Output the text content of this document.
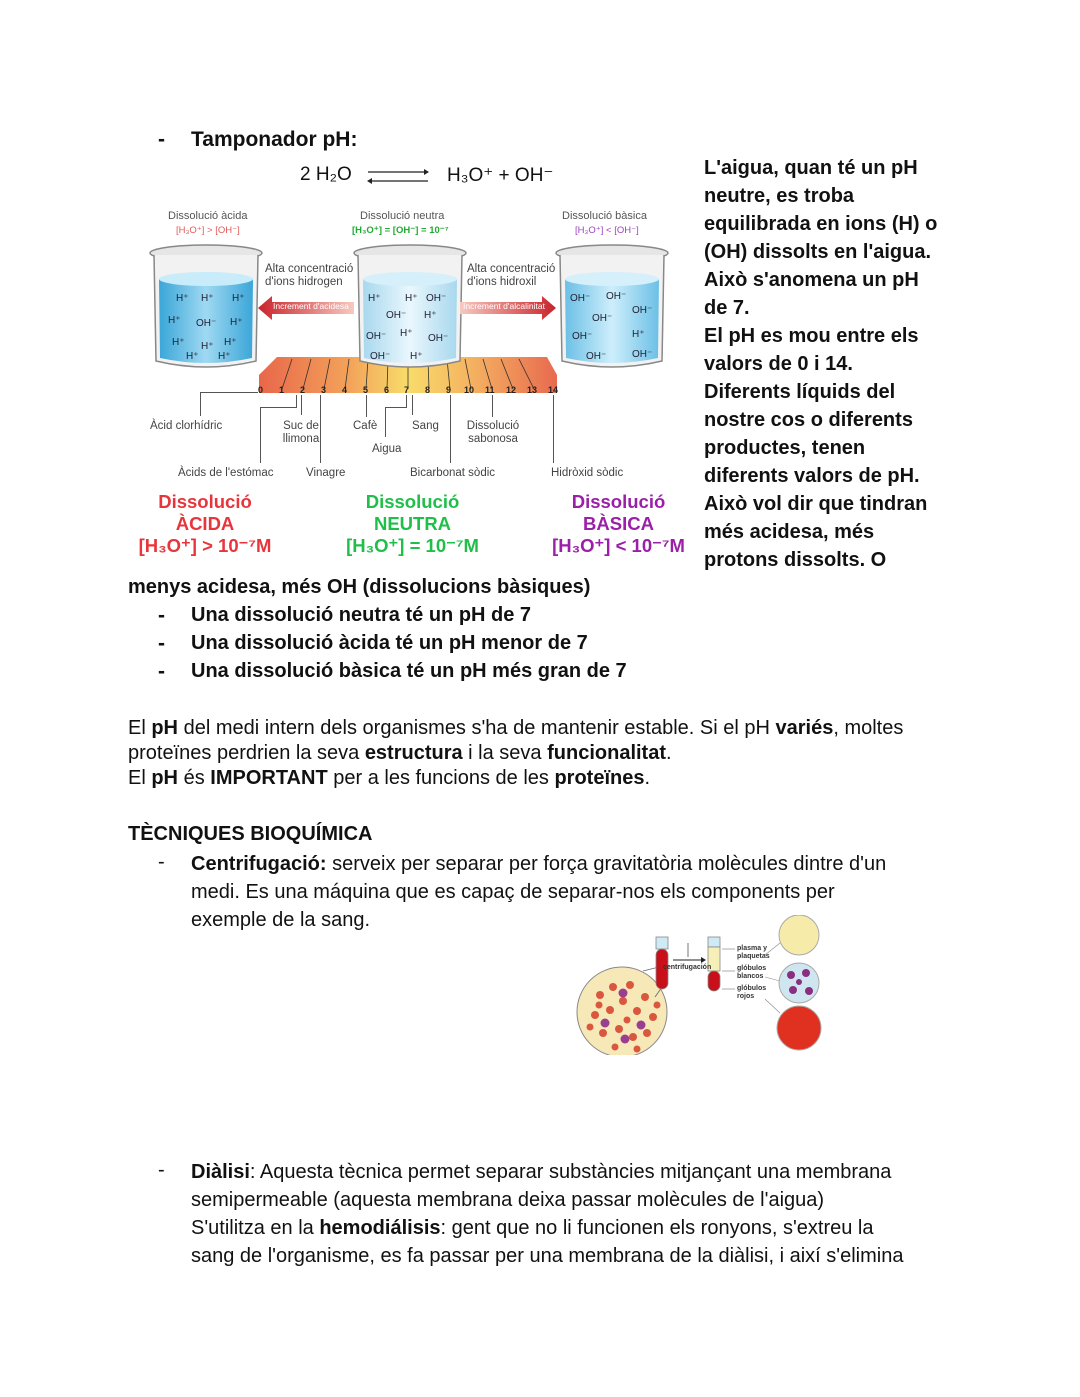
- Tamponador pH:
2 H₂O ⇌ H₃O⁺ + OH⁻
Dissolució àcida
[H₃O⁺] > [OH⁻]
Dissolució neutra
[H₃O⁺] = [OH⁻] = 10⁻⁷
Dissolució bàsica
[H₃O⁺] < [OH⁻]
0 1 2 3 4 5 6 7 8 9 10 11 12 13 14
H⁺ H⁺ H⁺
H⁺ OH⁻ H⁺
H⁺ H⁺ H⁺
H⁺ H⁺
H⁺ H⁺ OH⁻
OH⁻ H⁺
OH⁻ H⁺ OH⁻
OH⁻ H⁺
OH⁻ OH⁻
OH⁻
OH⁻
OH⁻	H⁺
OH⁻	OH⁻
Alta concentració
d'ions hidrogen
Increment d'acidesa
Alta concentració
d'ions hidroxil
Increment d'alcalinitat
Àcid clorhídric	Suc de llimona
Cafè
Aigua
Sang	Dissolució sabonosa
Àcids de l'estómac	Vinagre	Bicarbonat sòdic	Hidròxid sòdic
Dissolució
ÀCIDA
[H₃O⁺] > 10⁻⁷M
Dissolució
NEUTRA
[H₃O⁺] = 10⁻⁷M
Dissolució
BÀSICA
[H₃O⁺] < 10⁻⁷M
L'aigua, quan té un pH
neutre, es troba
equilibrada en ions (H) o
(OH) dissolts en l'aigua.
Això s'anomena un pH
de 7.
El pH es mou entre els
valors de 0 i 14.
Diferents líquids del
nostre cos o diferents
productes, tenen
diferents valors de pH.
Això vol dir que tindran
més acidesa, més
protons dissolts. O
menys acidesa, més OH (dissolucions bàsiques)
- Una dissolució neutra té un pH de 7
- Una dissolució àcida té un pH menor de 7
- Una dissolució bàsica té un pH més gran de 7
El pH del medi intern dels organismes s'ha de mantenir estable. Si el pH variés, moltes
proteïnes perdrien la seva estructura i la seva funcionalitat.
El pH és IMPORTANT per a les funcions de les proteïnes.
TÈCNIQUES BIOQUÍMICA
- Centrifugació: serveix per separar per força gravitatòria molècules dintre d'un
medi. Es una máquina que es capaç de separar-nos els components per
exemple de la sang.
centrifugación
plasma y plaquetas
glóbulos blancos
glóbulos rojos
- Diàlisi: Aquesta tècnica permet separar substàncies mitjançant una membrana
semipermeable (aquesta membrana deixa passar molècules de l'aigua)
S'utilitza en la hemodiálisis: gent que no li funcionen els ronyons, s'extreu la
sang de l'organisme, es fa passar per una membrana de la diàlisi, i així s'elimina
